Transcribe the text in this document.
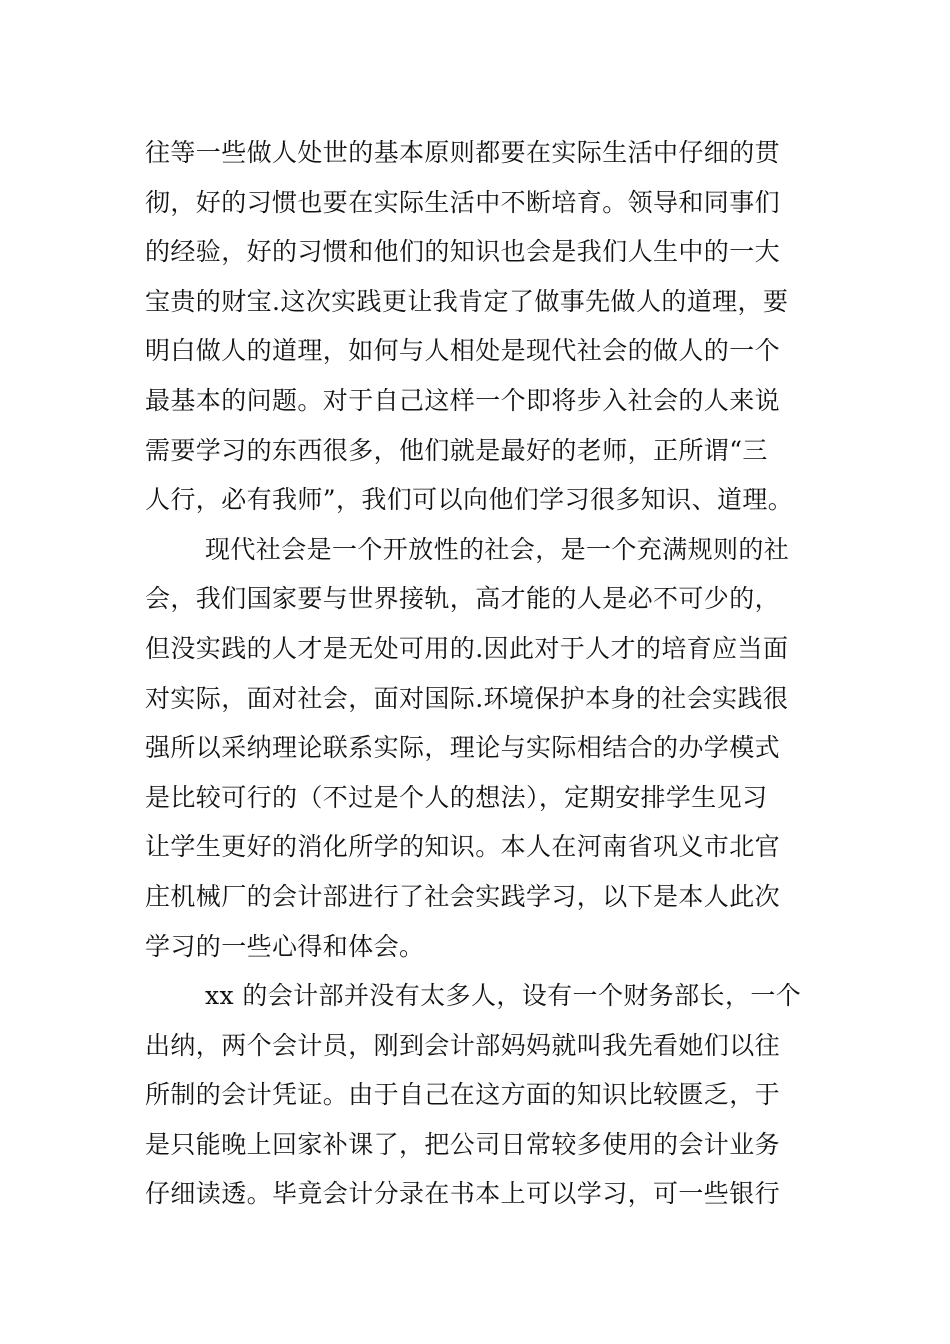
往等一些做人处世的基本原则都要在实际生活中仔细的贯
彻，好的习惯也要在实际生活中不断培育。领导和同事们
的经验，好的习惯和他们的知识也会是我们人生中的一大
宝贵的财宝.这次实践更让我肯定了做事先做人的道理，要
明白做人的道理，如何与人相处是现代社会的做人的一个
最基本的问题。对于自己这样一个即将步入社会的人来说
需要学习的东西很多，他们就是最好的老师，正所谓“三
人行，必有我师”，我们可以向他们学习很多知识、道理。
现代社会是一个开放性的社会，是一个充满规则的社
会，我们国家要与世界接轨，高才能的人是必不可少的，
但没实践的人才是无处可用的.因此对于人才的培育应当面
对实际，面对社会，面对国际.环境保护本身的社会实践很
强所以采纳理论联系实际，理论与实际相结合的办学模式
是比较可行的（不过是个人的想法），定期安排学生见习
让学生更好的消化所学的知识。本人在河南省巩义市北官
庄机械厂的会计部进行了社会实践学习，以下是本人此次
学习的一些心得和体会。
xx 的会计部并没有太多人，设有一个财务部长，一个
出纳，两个会计员，刚到会计部妈妈就叫我先看她们以往
所制的会计凭证。由于自己在这方面的知识比较匮乏，于
是只能晚上回家补课了，把公司日常较多使用的会计业务
仔细读透。毕竟会计分录在书本上可以学习，可一些银行
